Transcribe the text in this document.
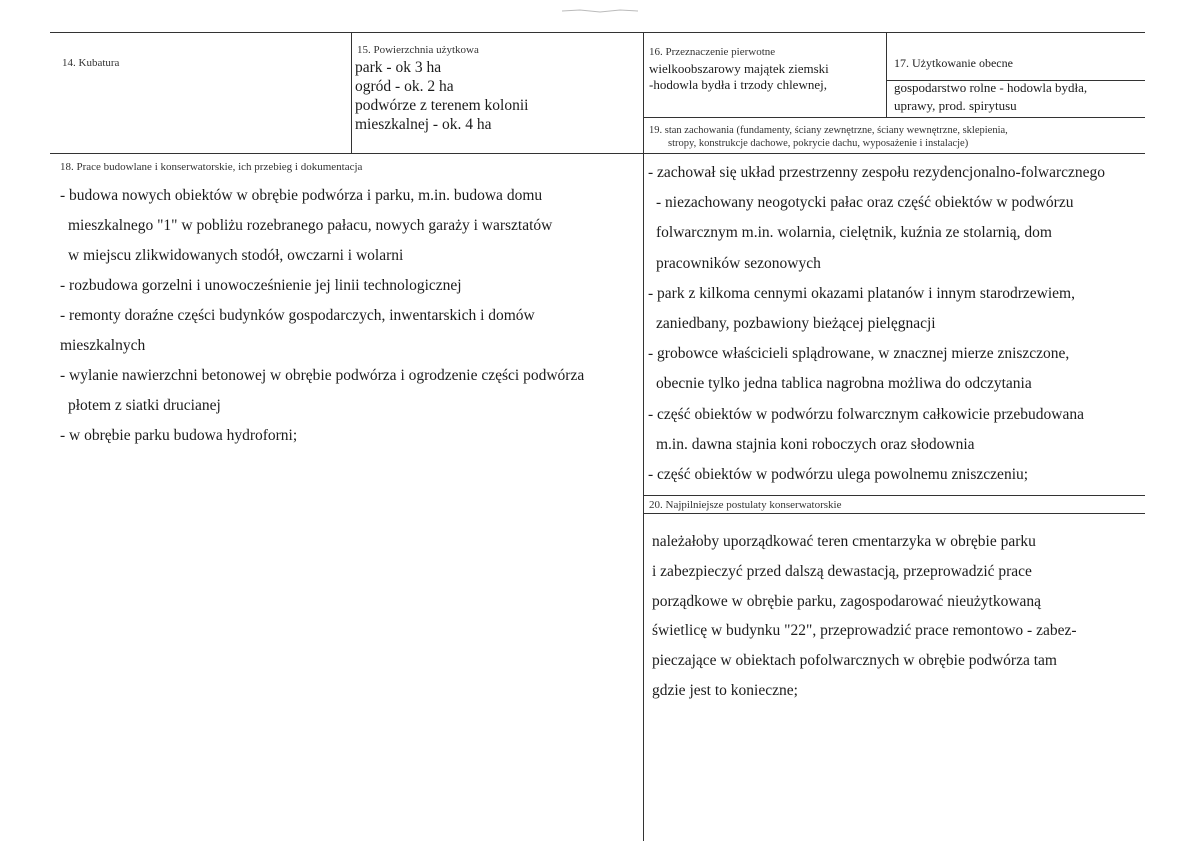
14. Kubatura
15. Powierzchnia użytkowa
park - ok 3 ha
ogród - ok. 2 ha
podwórze z terenem kolonii
mieszkalnej - ok. 4 ha
16. Przeznaczenie pierwotne
wielkoobszarowy majątek ziemski
-hodowla bydła i trzody chlewnej,
17. Użytkowanie obecne
gospodarstwo rolne - hodowla bydła,
uprawy, prod. spirytusu
19. stan zachowania (fundamenty, ściany zewnętrzne, ściany wewnętrzne, sklepienia,
stropy, konstrukcje dachowe, pokrycie dachu, wyposażenie i instalacje)
18. Prace budowlane i konserwatorskie, ich przebieg i dokumentacja
- budowa nowych obiektów w obrębie podwórza i parku, m.in. budowa domu
mieszkalnego "1" w pobliżu rozebranego pałacu, nowych garaży i warsztatów
w miejscu zlikwidowanych stodół, owczarni i wolarni
- rozbudowa gorzelni i unowocześnienie jej linii technologicznej
- remonty doraźne części budynków gospodarczych, inwentarskich i domów
mieszkalnych
- wylanie nawierzchni betonowej w obrębie podwórza i ogrodzenie części podwórza
płotem z siatki drucianej
- w obrębie parku budowa hydroforni;
- zachował się układ przestrzenny zespołu rezydencjonalno-folwarcznego
- niezachowany neogotycki pałac oraz część obiektów w podwórzu
folwarcznym m.in. wolarnia, cielętnik, kuźnia ze stolarnią, dom
pracowników sezonowych
- park z kilkoma cennymi okazami platanów i innym starodrzewiem,
zaniedbany, pozbawiony bieżącej pielęgnacji
- grobowce właścicieli splądrowane, w znacznej mierze zniszczone,
obecnie tylko jedna tablica nagrobna możliwa do odczytania
- część obiektów w podwórzu folwarcznym całkowicie przebudowana
m.in. dawna stajnia koni roboczych oraz słodownia
- część obiektów w podwórzu ulega powolnemu zniszczeniu;
20. Najpilniejsze postulaty konserwatorskie
należałoby uporządkować teren cmentarzyka w obrębie parku
i zabezpieczyć przed dalszą dewastacją, przeprowadzić prace
porządkowe w obrębie parku, zagospodarować nieużytkowaną
świetlicę w budynku "22", przeprowadzić prace remontowo - zabez-
pieczające w obiektach pofolwarcznych w obrębie podwórza tam
gdzie jest to konieczne;
